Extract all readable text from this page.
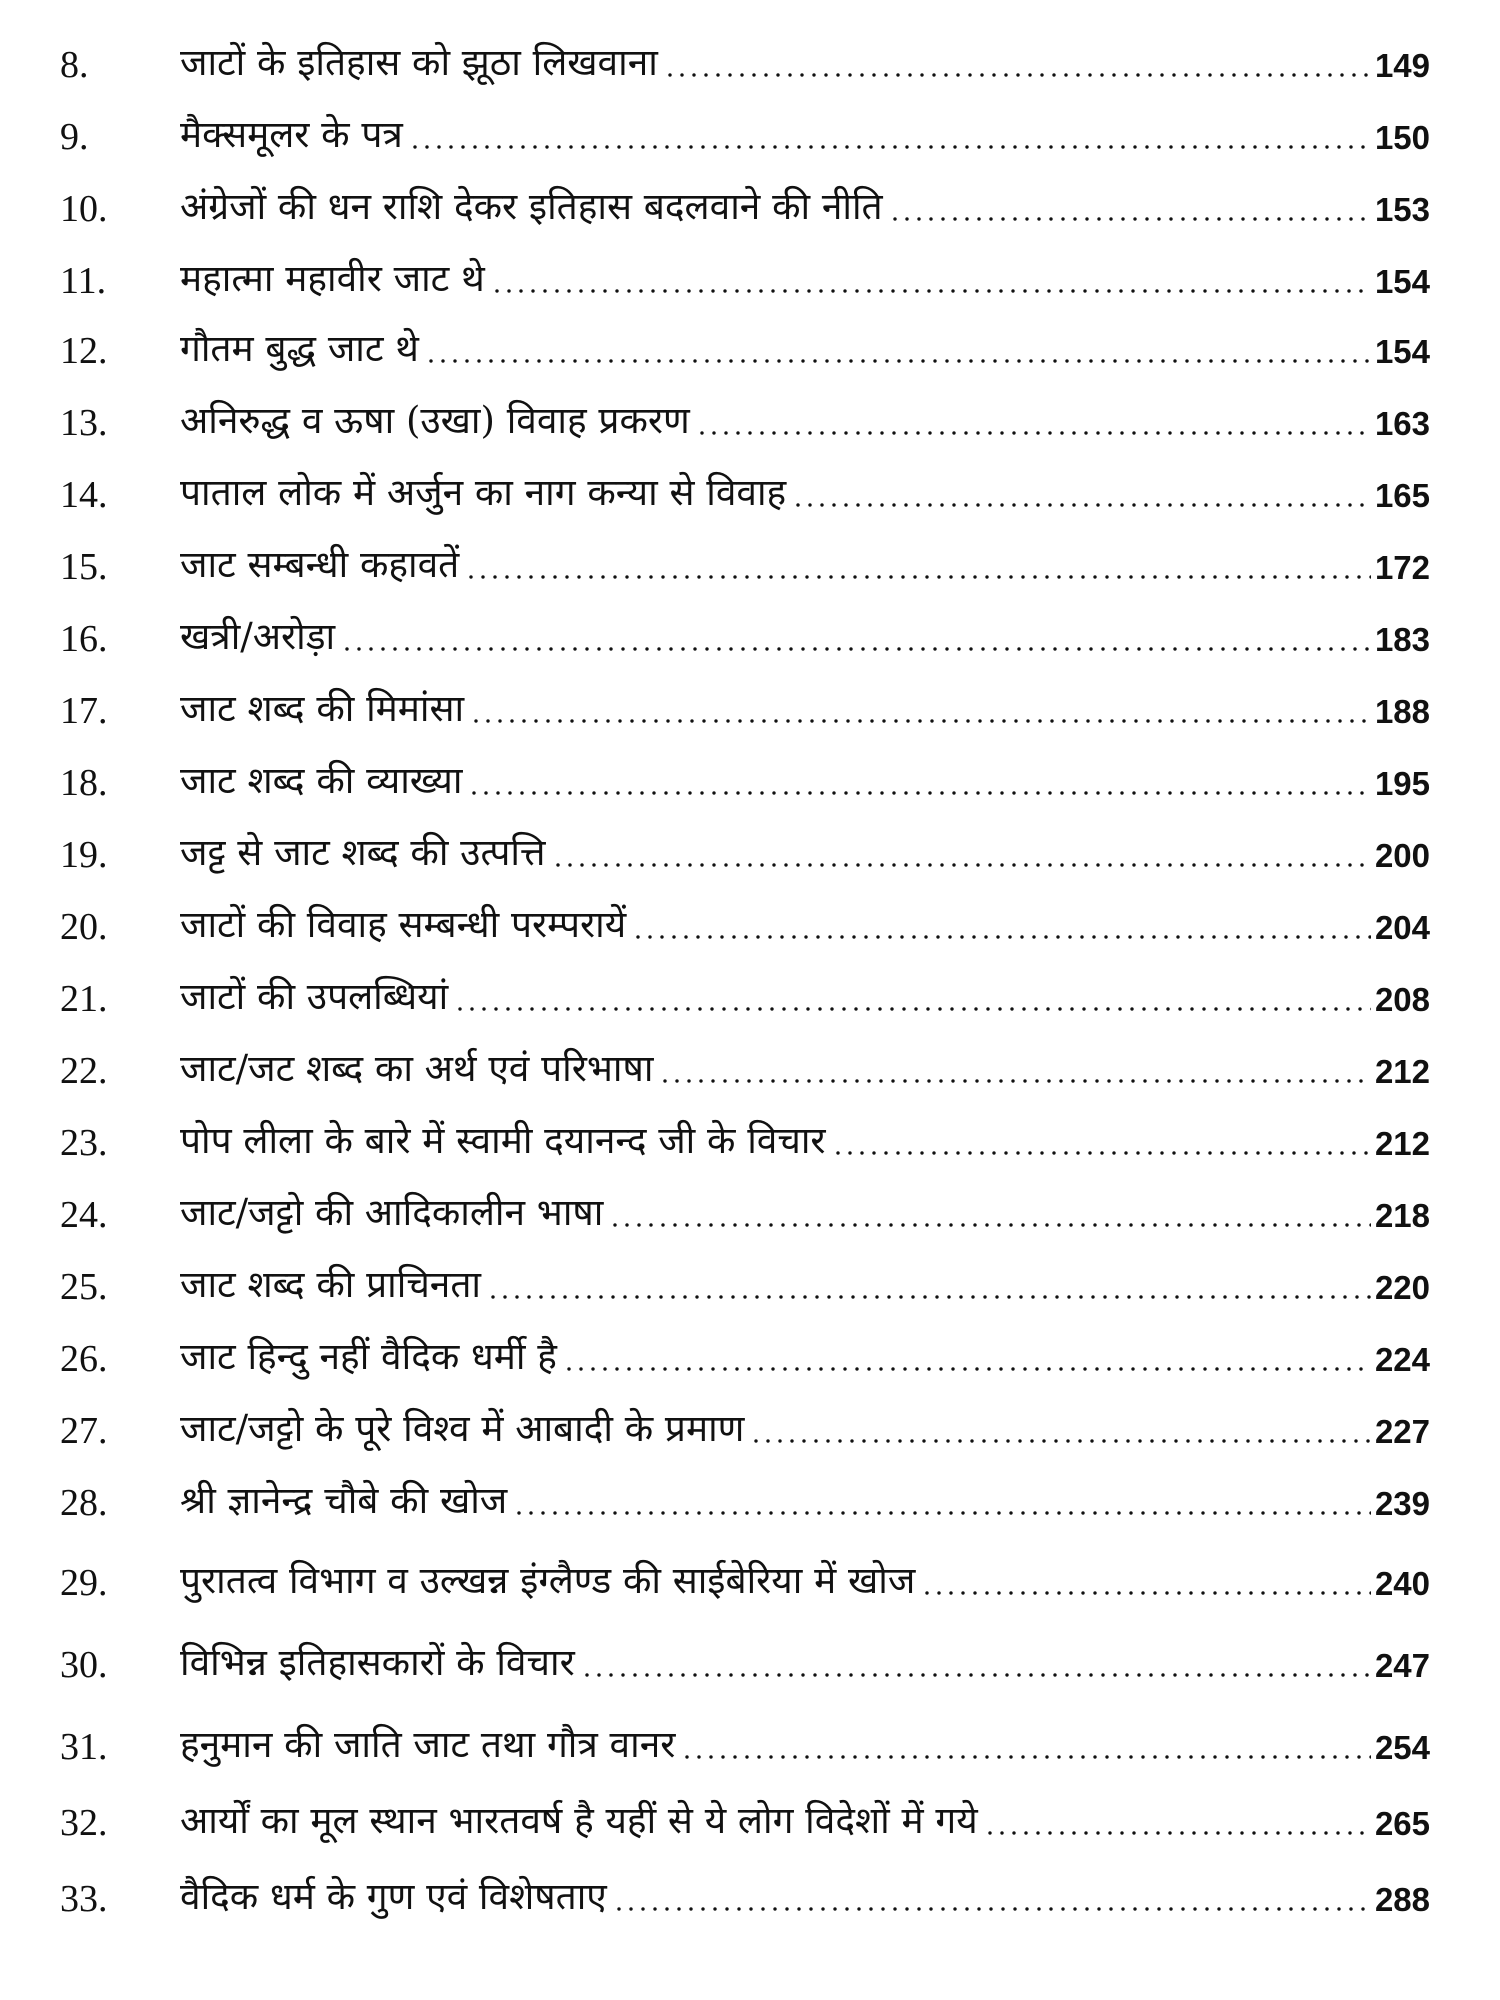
8.	जाटों के इतिहास को झूठा लिखवाना	149
9.	मैक्समूलर के पत्र	150
10.	अंग्रेजों की धन राशि देकर इतिहास बदलवाने की नीति	153
11.	महात्मा महावीर जाट थे	154
12.	गौतम बुद्ध जाट थे	154
13.	अनिरुद्ध व ऊषा (उखा) विवाह प्रकरण	163
14.	पाताल लोक में अर्जुन का नाग कन्या से विवाह	165
15.	जाट सम्बन्धी कहावतें	172
16.	खत्री/अरोड़ा	183
17.	जाट शब्द की मिमांसा	188
18.	जाट शब्द की व्याख्या	195
19.	जट्ट से जाट शब्द की उत्पत्ति	200
20.	जाटों की विवाह सम्बन्धी परम्परायें	204
21.	जाटों की उपलब्धियां	208
22.	जाट/जट शब्द का अर्थ एवं परिभाषा	212
23.	पोप लीला के बारे में स्वामी दयानन्द जी के विचार	212
24.	जाट/जट्टो की आदिकालीन भाषा	218
25.	जाट शब्द की प्राचिनता	220
26.	जाट हिन्दु नहीं वैदिक धर्मी है	224
27.	जाट/जट्टो के पूरे विश्व में आबादी के प्रमाण	227
28.	श्री ज्ञानेन्द्र चौबे की खोज	239
29.	पुरातत्व विभाग व उल्खन्न इंग्लैण्ड की साईबेरिया में खोज	240
30.	विभिन्न इतिहासकारों के विचार	247
31.	हनुमान की जाति जाट तथा गौत्र वानर	254
32.	आर्यों का मूल स्थान भारतवर्ष है यहीं से ये लोग विदेशों में गये	265
33.	वैदिक धर्म के गुण एवं विशेषताए	288
